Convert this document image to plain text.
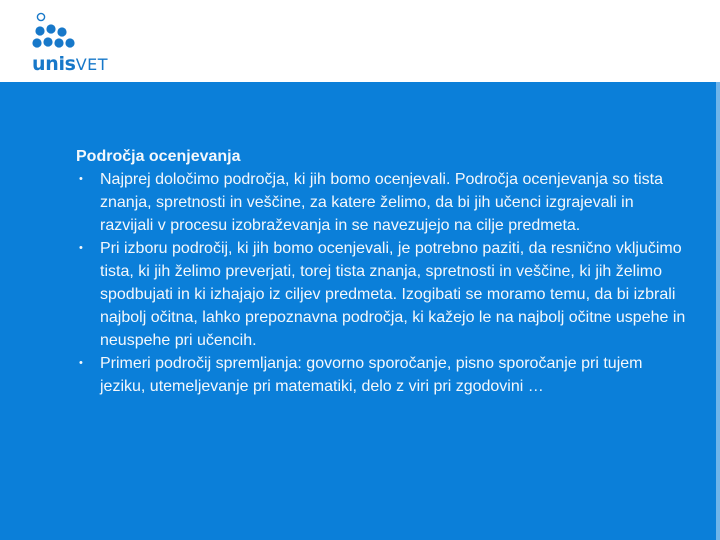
unisVET

Področja ocenjevanja

• Najprej določimo področja, ki jih bomo ocenjevali. Področja ocenjevanja so tista znanja, spretnosti in veščine, za katere želimo, da bi jih učenci izgrajevali in razvijali v procesu izobraževanja in se navezujejo na cilje predmeta.
• Pri izboru področij, ki jih bomo ocenjevali, je potrebno paziti, da resnično vključimo tista, ki jih želimo preverjati, torej tista znanja, spretnosti in veščine, ki jih želimo spodbujati in ki izhajajo iz ciljev predmeta. Izogibati se moramo temu, da bi izbrali najbolj očitna, lahko prepoznavna področja, ki kažejo le na najbolj očitne uspehe in neuspehe pri učencih.
• Primeri področij spremljanja: govorno sporočanje, pisno sporočanje pri tujem jeziku, utemeljevanje pri matematiki, delo z viri pri zgodovini …
